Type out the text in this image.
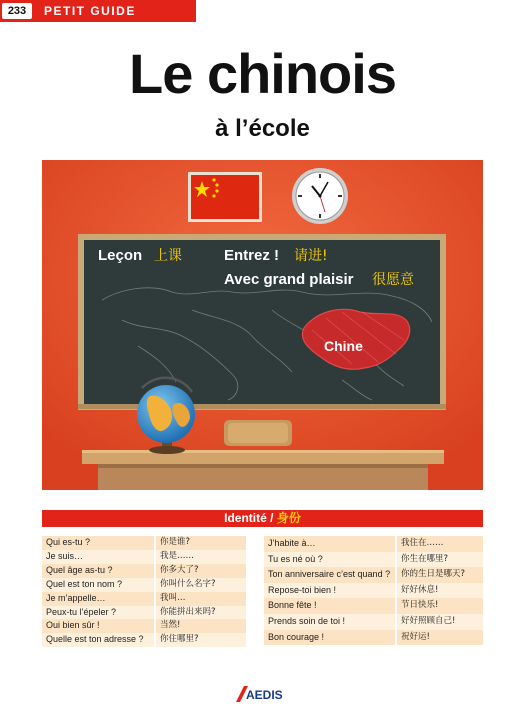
233	PETIT GUIDE
Le chinois
à l’école
Chine
Leçon 上课	Entrez ! 请进!
Avec grand plaisir 很愿意
Identité / 身份
Qui es-tu ?		你是谁?
Je suis…		我是……
Quel âge as-tu ?		你多大了?
Quel est ton nom ?		你叫什么名字?
Je m’appelle…		我叫…
Peux-tu l’épeler ?		你能拼出来吗?
Oui bien sûr !		当然!
Quelle est ton adresse ?		你住哪里?
J’habite à…		我住在……
Tu es né où ?		你生在哪里?
Ton anniversaire c’est quand ?		你的生日是哪天?
Repose-toi bien !		好好休息!
Bonne fête !		节日快乐!
Prends soin de toi !		好好照顾自己!
Bon courage !		祝好运!
AEDIS
